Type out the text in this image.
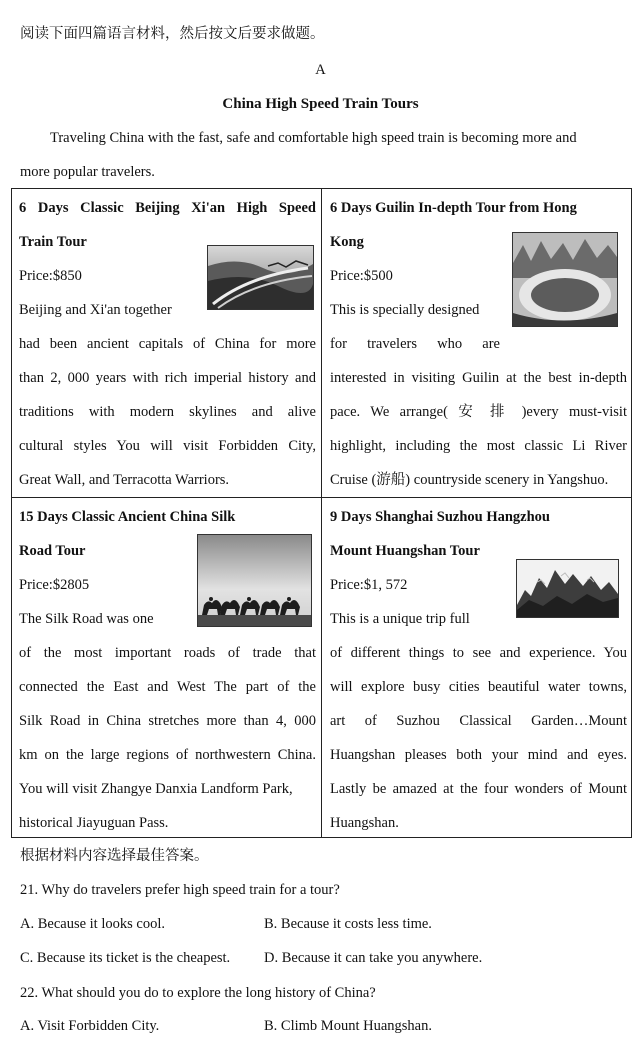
阅读下面四篇语言材料，然后按文后要求做题。
A
China High Speed Train Tours
Traveling China with the fast, safe and comfortable high speed train is becoming more and
more popular travelers.
6 Days Classic Beijing Xi'an High Speed
Train Tour
Price:$850
Beijing and Xi'an together
had been ancient capitals of China for more
than 2, 000 years with rich imperial history and
traditions with modern skylines and alive
cultural styles You will visit Forbidden City,
Great Wall, and Terracotta Warriors.
6 Days Guilin In-depth Tour from Hong
Kong
Price:$500
This is specially designed
for travelers who are
interested in visiting Guilin at the best in-depth
pace. We arrange( 安 排 )every must-visit
highlight, including the most classic Li River
Cruise (游船) countryside scenery in Yangshuo.
15 Days Classic Ancient China Silk
Road Tour
Price:$2805
The Silk Road was one
of the most important roads of trade that
connected the East and West The part of the
Silk Road in China stretches more than 4, 000
km on the large regions of northwestern China.
You will visit Zhangye Danxia Landform Park,
historical Jiayuguan Pass.
9 Days Shanghai Suzhou Hangzhou
Mount Huangshan Tour
Price:$1, 572
This is a unique trip full
of different things to see and experience. You
will explore busy cities beautiful water towns,
art of Suzhou Classical Garden…Mount
Huangshan pleases both your mind and eyes.
Lastly be amazed at the four wonders of Mount
Huangshan.
根据材料内容选择最佳答案。
21. Why do travelers prefer high speed train for a tour?
A. Because it looks cool.	B. Because it costs less time.
C. Because its ticket is the cheapest. D. Because it can take you anywhere.
22. What should you do to explore the long history of China?
A. Visit Forbidden City.	B. Climb Mount Huangshan.
